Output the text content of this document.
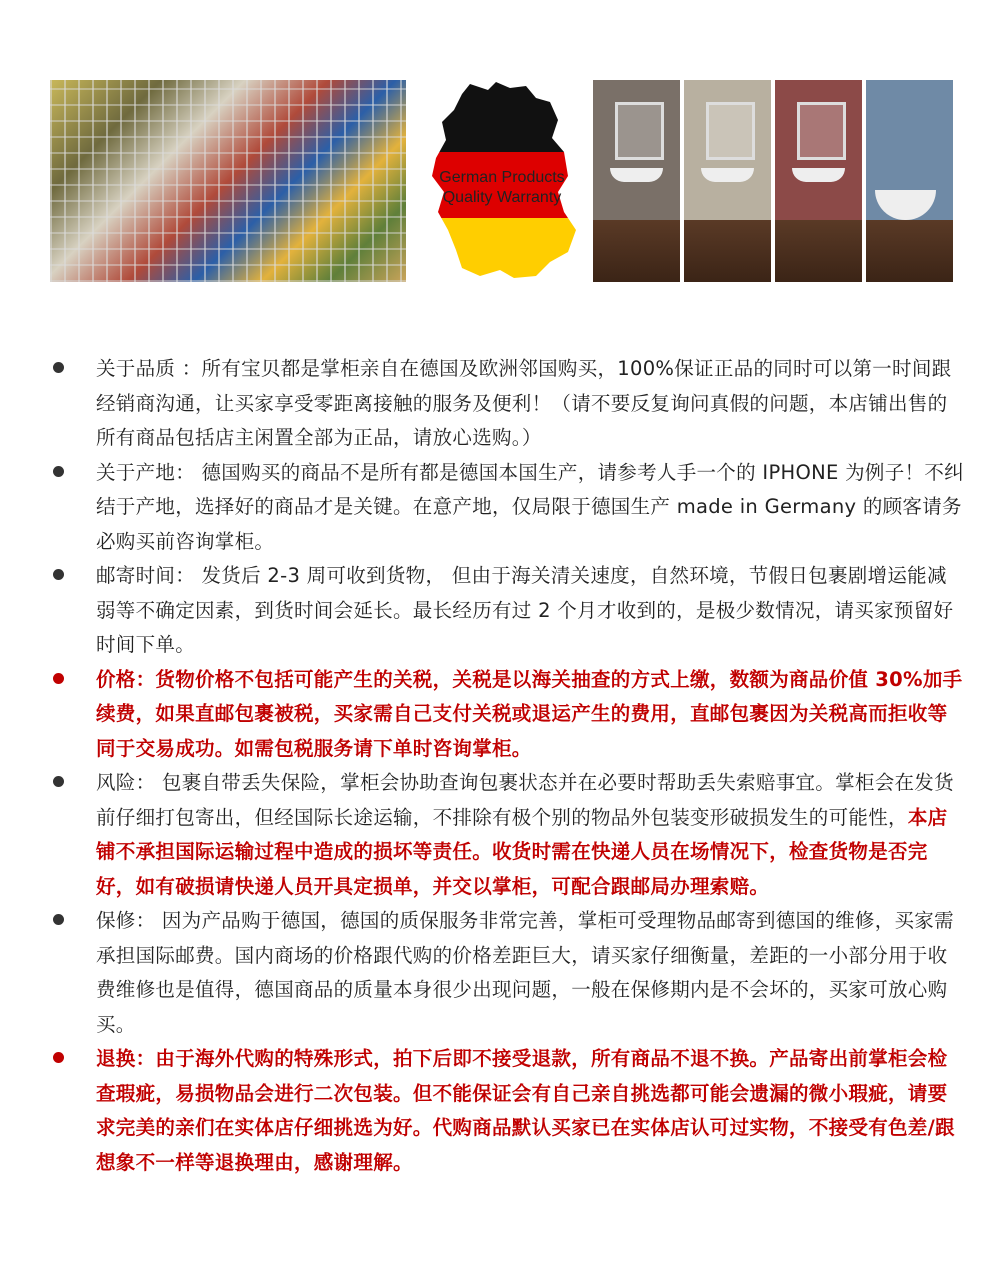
German Products
Quality Warranty
关于品质 ：所有宝贝都是掌柜亲自在德国及欧洲邻国购买，100%保证正品的同时可以第一时间跟经销商沟通，让买家享受零距离接触的服务及便利！（请不要反复询问真假的问题，本店铺出售的所有商品包括店主闲置全部为正品，请放心选购。）
关于产地： 德国购买的商品不是所有都是德国本国生产，请参考人手一个的 IPHONE 为例子！不纠结于产地，选择好的商品才是关键。在意产地，仅局限于德国生产 made in Germany 的顾客请务必购买前咨询掌柜。
邮寄时间： 发货后 2-3 周可收到货物， 但由于海关清关速度，自然环境，节假日包裹剧增运能减弱等不确定因素，到货时间会延长。最长经历有过 2 个月才收到的，是极少数情况，请买家预留好时间下单。
价格：货物价格不包括可能产生的关税，关税是以海关抽查的方式上缴，数额为商品价值 30%加手续费，如果直邮包裹被税，买家需自己支付关税或退运产生的费用，直邮包裹因为关税高而拒收等同于交易成功。如需包税服务请下单时咨询掌柜。
风险： 包裹自带丢失保险，掌柜会协助查询包裹状态并在必要时帮助丢失索赔事宜。掌柜会在发货前仔细打包寄出，但经国际长途运输，不排除有极个别的物品外包装变形破损发生的可能性，本店铺不承担国际运输过程中造成的损坏等责任。收货时需在快递人员在场情况下，检查货物是否完好，如有破损请快递人员开具定损单，并交以掌柜，可配合跟邮局办理索赔。
保修： 因为产品购于德国，德国的质保服务非常完善，掌柜可受理物品邮寄到德国的维修，买家需承担国际邮费。国内商场的价格跟代购的价格差距巨大，请买家仔细衡量，差距的一小部分用于收费维修也是值得，德国商品的质量本身很少出现问题，一般在保修期内是不会坏的，买家可放心购买。
退换：由于海外代购的特殊形式，拍下后即不接受退款，所有商品不退不换。产品寄出前掌柜会检查瑕疵，易损物品会进行二次包装。但不能保证会有自己亲自挑选都可能会遗漏的微小瑕疵，请要求完美的亲们在实体店仔细挑选为好。代购商品默认买家已在实体店认可过实物，不接受有色差/跟想象不一样等退换理由，感谢理解。
